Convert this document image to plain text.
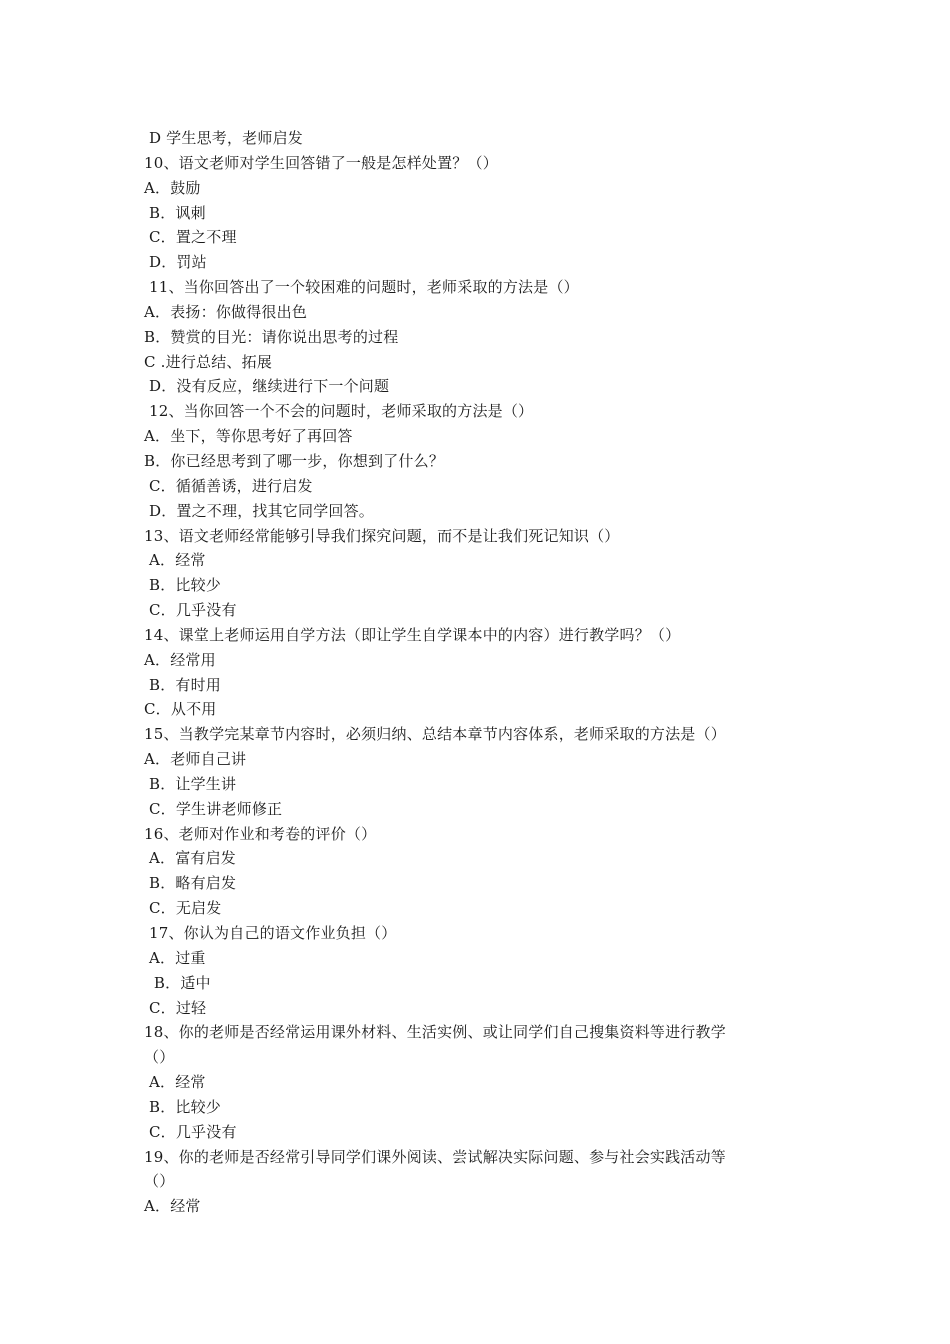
D 学生思考，老师启发
10、语文老师对学生回答错了一般是怎样处置？（）
A．鼓励
B．讽刺
C．置之不理
D．罚站
11、当你回答出了一个较困难的问题时，老师采取的方法是（）
A．表扬：你做得很出色
B．赞赏的目光：请你说出思考的过程
C .进行总结、拓展
D．没有反应，继续进行下一个问题
12、当你回答一个不会的问题时，老师采取的方法是（）
A．坐下，等你思考好了再回答
B．你已经思考到了哪一步，你想到了什么？
C．循循善诱，进行启发
D．置之不理，找其它同学回答。
13、语文老师经常能够引导我们探究问题，而不是让我们死记知识（）
A．经常
B．比较少
C．几乎没有
14、课堂上老师运用自学方法（即让学生自学课本中的内容）进行教学吗？（）
A．经常用
B．有时用
C．从不用
15、当教学完某章节内容时，必须归纳、总结本章节内容体系，老师采取的方法是（）
A．老师自己讲
B．让学生讲
C．学生讲老师修正
16、老师对作业和考卷的评价（）
A．富有启发
B．略有启发
C．无启发
17、你认为自己的语文作业负担（）
A．过重
B．适中
C．过轻
18、你的老师是否经常运用课外材料、生活实例、或让同学们自己搜集资料等进行教学
（）
A．经常
B．比较少
C．几乎没有
19、你的老师是否经常引导同学们课外阅读、尝试解决实际问题、参与社会实践活动等
（）
A．经常
